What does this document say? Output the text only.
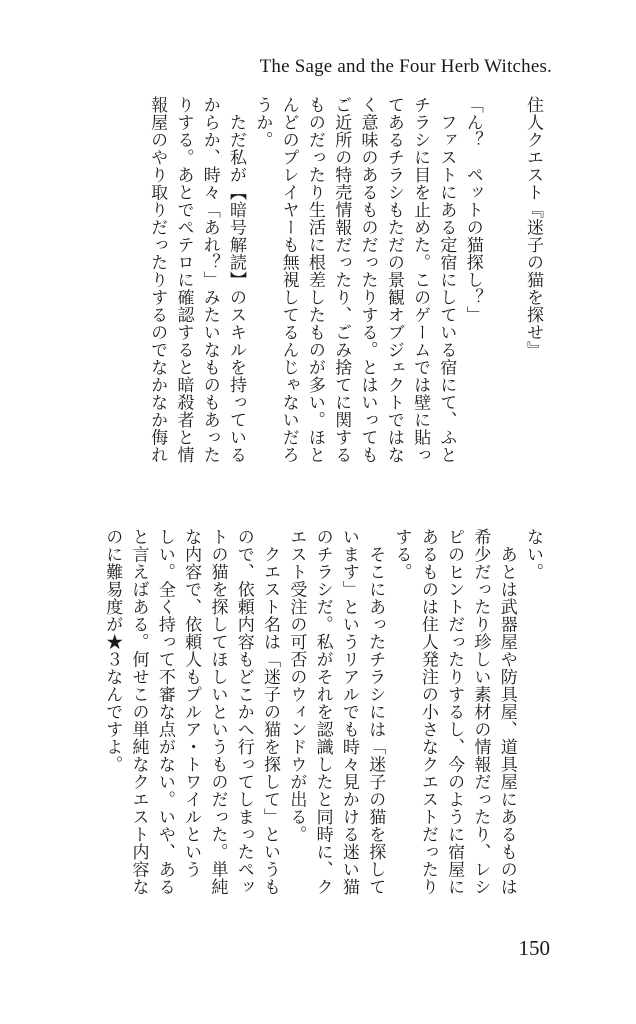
The Sage and the Four Herb Witches.

住人クエスト『迷子の猫を探せ』

「ん？　ペットの猫探し？」

　ファストにある定宿にしている宿にて、ふと

チラシに目を止めた。このゲームでは壁に貼っ

てあるチラシもただの景観オブジェクトではな

く意味のあるものだったりする。とはいっても

ご近所の特売情報だったり、ごみ捨てに関する

ものだったり生活に根差したものが多い。ほと

んどのプレイヤーも無視してるんじゃないだろ

うか。

　ただ私が【暗号解読】のスキルを持っている

からか、時々「あれ？」みたいなものもあった

りする。あとでペテロに確認すると暗殺者と情

報屋のやり取りだったりするのでなかなか侮れ

ない。

　あとは武器屋や防具屋、道具屋にあるものは

希少だったり珍しい素材の情報だったり、レシ

ピのヒントだったりするし、今のように宿屋に

あるものは住人発注の小さなクエストだったり

する。

　そこにあったチラシには「迷子の猫を探して

います」というリアルでも時々見かける迷い猫

のチラシだ。私がそれを認識したと同時に、ク

エスト受注の可否のウィンドウが出る。

　クエスト名は「迷子の猫を探して」というも

ので、依頼内容もどこかへ行ってしまったペッ

トの猫を探してほしいというものだった。単純

な内容で、依頼人もプルア・トワイルという

しい。全く持って不審な点がない。いや、ある

と言えばある。何せこの単純なクエスト内容な

のに難易度が★３なんですよ。

150
